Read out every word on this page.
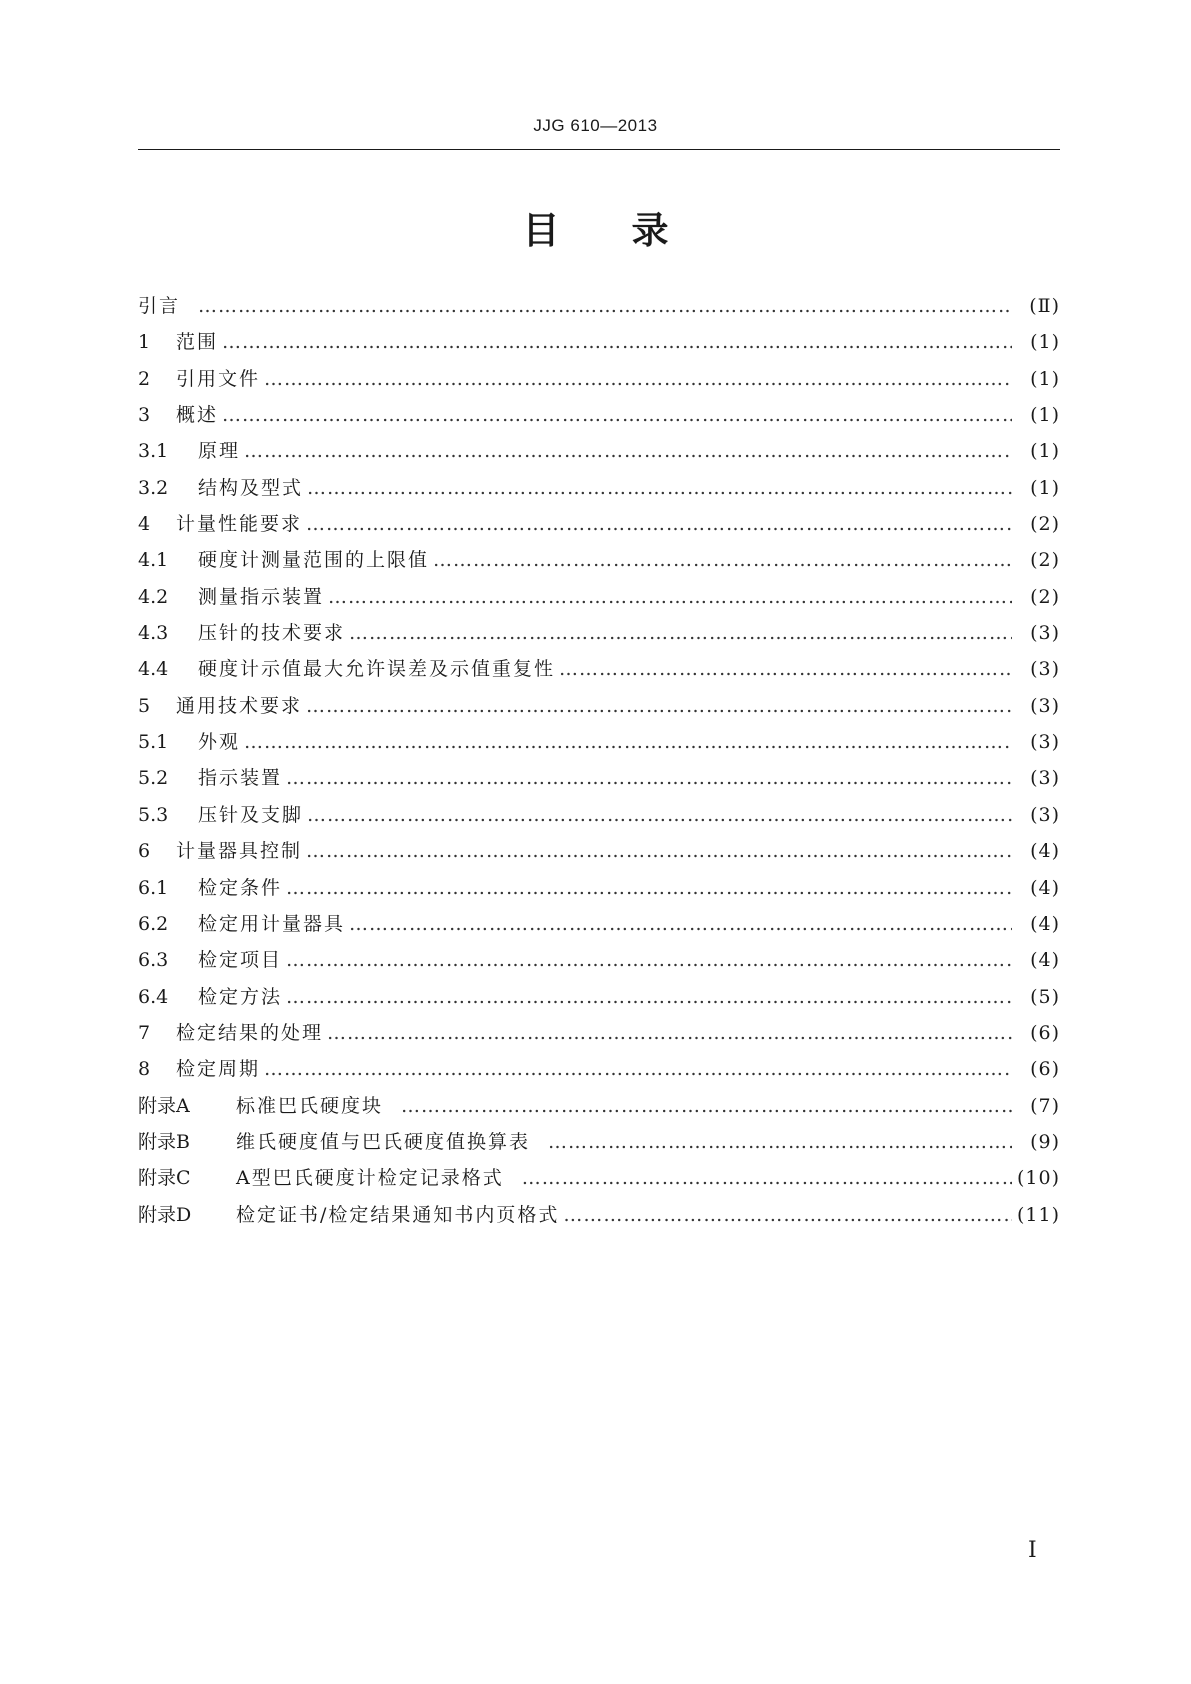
JJG 610—2013
目录
引言 …………………………………………………………………………………………………………………………………………………………………………	(Ⅱ)
1	范围 …………………………………………………………………………………………………………………………………………………………………………	(1)
2	引用文件 …………………………………………………………………………………………………………………………………………………………………………	(1)
3	概述 …………………………………………………………………………………………………………………………………………………………………………	(1)
3.1	原理 …………………………………………………………………………………………………………………………………………………………………………	(1)
3.2	结构及型式 …………………………………………………………………………………………………………………………………………………………………………	(1)
4	计量性能要求 …………………………………………………………………………………………………………………………………………………………………………	(2)
4.1	硬度计测量范围的上限值 …………………………………………………………………………………………………………………………………………………………………………	(2)
4.2	测量指示装置 …………………………………………………………………………………………………………………………………………………………………………	(2)
4.3	压针的技术要求 …………………………………………………………………………………………………………………………………………………………………………	(3)
4.4	硬度计示值最大允许误差及示值重复性 …………………………………………………………………………………………………………………………………………………………………………	(3)
5	通用技术要求 …………………………………………………………………………………………………………………………………………………………………………	(3)
5.1	外观 …………………………………………………………………………………………………………………………………………………………………………	(3)
5.2	指示装置 …………………………………………………………………………………………………………………………………………………………………………	(3)
5.3	压针及支脚 …………………………………………………………………………………………………………………………………………………………………………	(3)
6	计量器具控制 …………………………………………………………………………………………………………………………………………………………………………	(4)
6.1	检定条件 …………………………………………………………………………………………………………………………………………………………………………	(4)
6.2	检定用计量器具 …………………………………………………………………………………………………………………………………………………………………………	(4)
6.3	检定项目 …………………………………………………………………………………………………………………………………………………………………………	(4)
6.4	检定方法 …………………………………………………………………………………………………………………………………………………………………………	(5)
7	检定结果的处理 …………………………………………………………………………………………………………………………………………………………………………	(6)
8	检定周期 …………………………………………………………………………………………………………………………………………………………………………	(6)
附录A	标准巴氏硬度块 …………………………………………………………………………………………………………………………………………………………………………	(7)
附录B	维氏硬度值与巴氏硬度值换算表 …………………………………………………………………………………………………………………………………………………………………………	(9)
附录C	A型巴氏硬度计检定记录格式 …………………………………………………………………………………………………………………………………………………………………………	(10)
附录D	检定证书/检定结果通知书内页格式 …………………………………………………………………………………………………………………………………………………………………………	(11)
I
